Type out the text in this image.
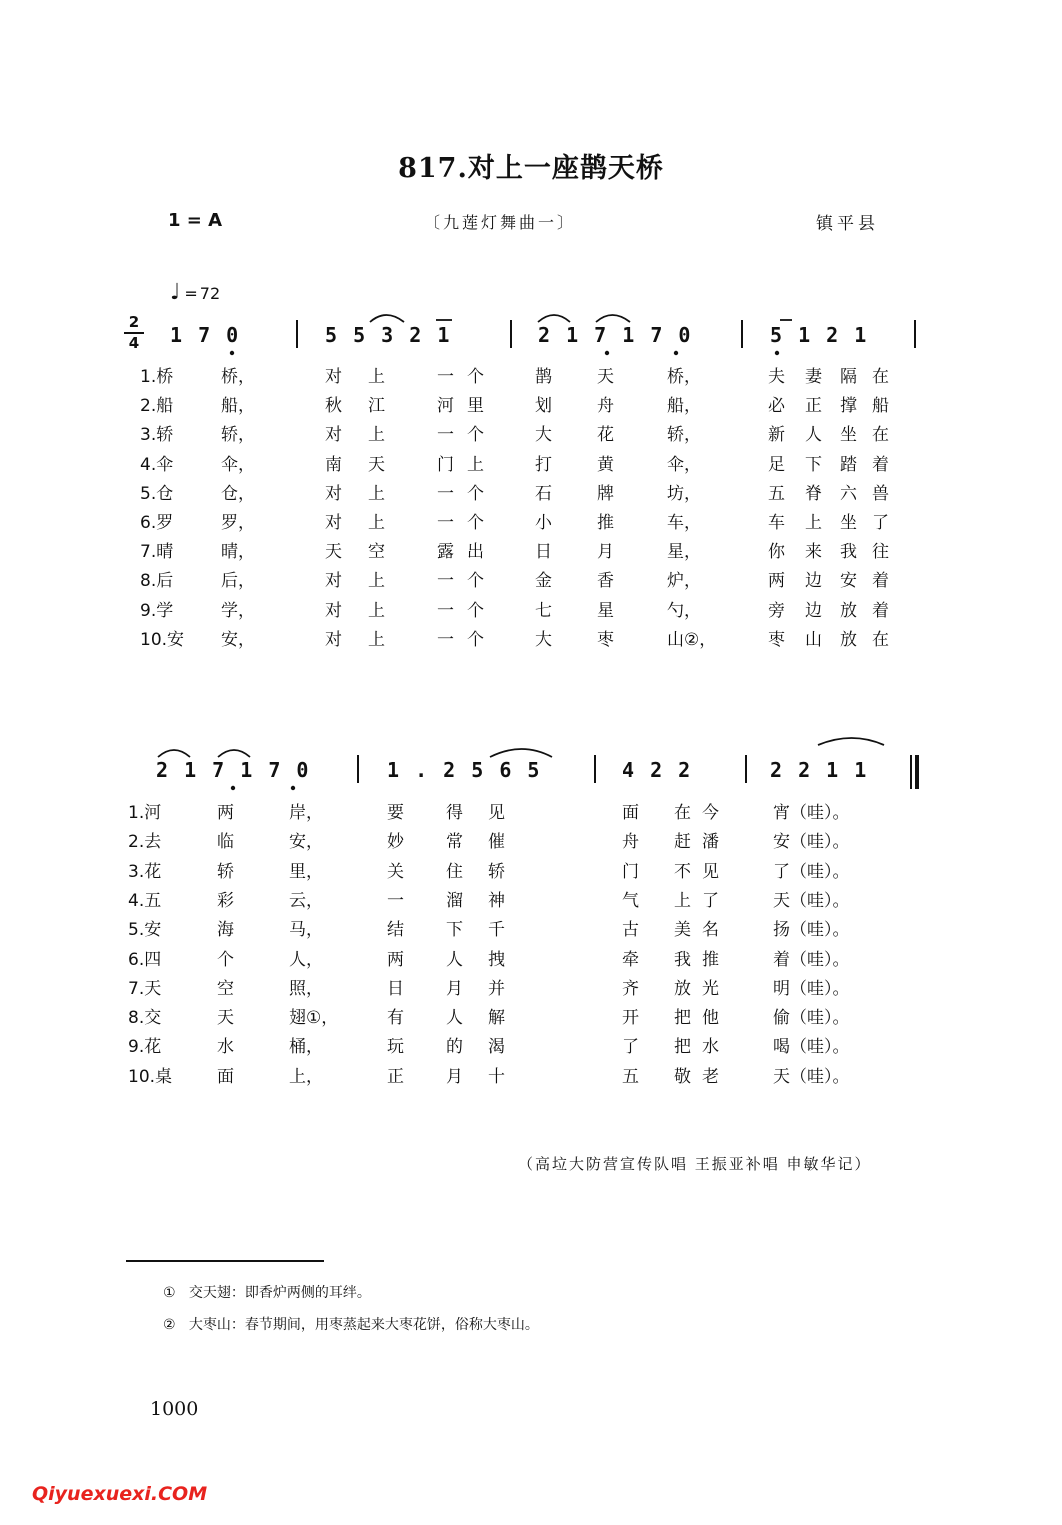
817.对上一座鹊天桥
1 = A	〔九莲灯舞曲一〕	镇平县
♩ = 72
2
4 1 7 0	5 5 3 2 1	2 1 7 1 7 0	5 1 2 1
2 1 7 1 7 0	1 . 2 5 6 5	4 2 2	2 2 1 1
1.桥	桥，	对 上	一 个	鹊	天	桥，	夫 妻 隔 在
2.船	船，	秋 江	河 里	划	舟	船，	必 正 撑 船
3.轿	轿，	对 上	一 个	大	花	轿，	新 人 坐 在
4.伞	伞，	南 天	门 上	打	黄	伞，	足 下 踏 着
5.仓	仓，	对 上	一 个	石	牌	坊，	五 脊 六 兽
6.罗	罗，	对 上	一 个	小	推	车，	车 上 坐 了
7.晴	晴，	天 空	露 出	日	月	星，	你 来 我 往
8.后	后，	对 上	一 个	金	香	炉，	两 边 安 着
9.学	学，	对 上	一 个	七	星	勺，	旁 边 放 着
10.安 安，	对 上	一 个	大	枣	山②，	枣 山 放 在
1.河	两	岸，	要 得 见	面 在 今	宵（哇）。
2.去	临	安，	妙 常 催	舟 赶 潘	安（哇）。
3.花	轿	里，	关 住 轿	门 不 见	了（哇）。
4.五	彩	云，	一 溜 神	气 上 了	天（哇）。
5.安	海	马，	结 下 千	古 美 名	扬（哇）。
6.四	个	人，	两 人 拽	牵 我 推	着（哇）。
7.天	空	照，	日 月 并	齐 放 光	明（哇）。
8.交	天	翅①，	有 人 解	开 把 他	偷（哇）。
9.花	水	桶，	玩 的 渴	了 把 水	喝（哇）。
10.桌	面	上，	正 月 十	五 敬 老	天（哇）。
（高垃大防营宣传队唱 王振亚补唱 申敏华记）
① 交天翅：即香炉两侧的耳绊。
② 大枣山：春节期间，用枣蒸起来大枣花饼，俗称大枣山。
1000
Qiyuexuexi.COM
